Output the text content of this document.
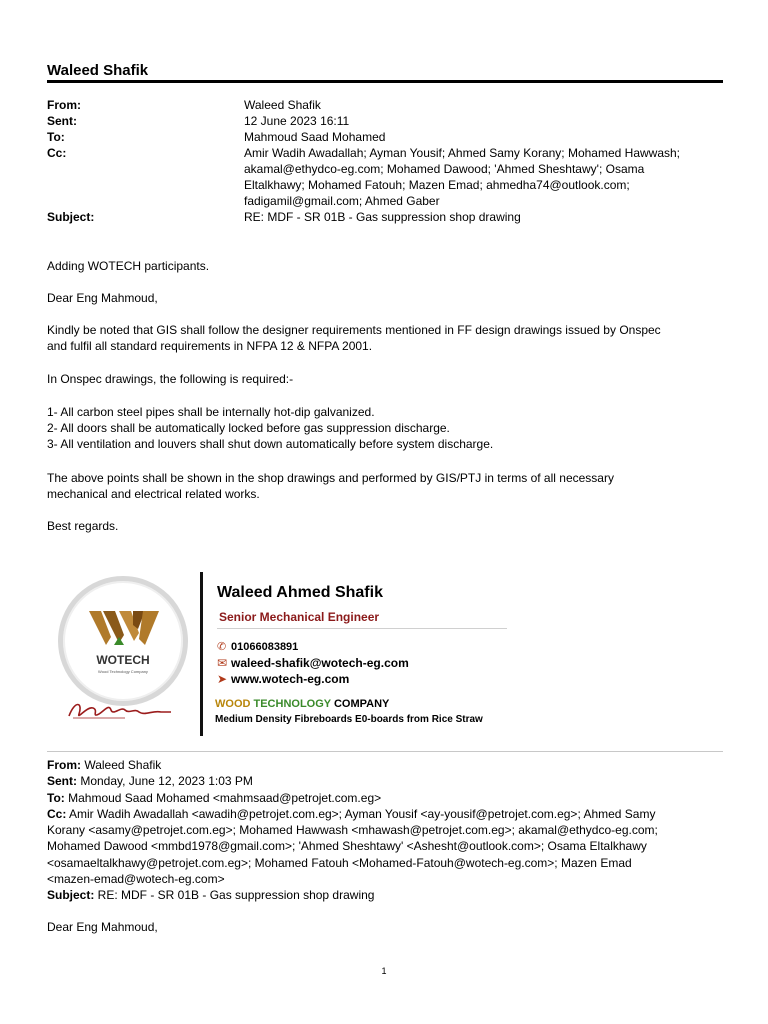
Waleed Shafik
From:	Waleed Shafik
Sent:	12 June 2023 16:11
To:	Mahmoud Saad Mohamed
Cc:	Amir Wadih Awadallah; Ayman Yousif; Ahmed Samy Korany; Mohamed Hawwash;
akamal@ethydco-eg.com; Mohamed Dawood; 'Ahmed Sheshtawy'; Osama
Eltalkhawy; Mohamed Fatouh; Mazen Emad; ahmedha74@outlook.com;
fadigamil@gmail.com; Ahmed Gaber
Subject:	RE: MDF - SR 01B - Gas suppression shop drawing
Adding WOTECH participants.
Dear Eng Mahmoud,
Kindly be noted that GIS shall follow the designer requirements mentioned in FF design drawings issued by Onspec
and fulfil all standard requirements in NFPA 12 & NFPA 2001.
In Onspec drawings, the following is required:-
1- All carbon steel pipes shall be internally hot-dip galvanized.
2- All doors shall be automatically locked before gas suppression discharge.
3- All ventilation and louvers shall shut down automatically before system discharge.
The above points shall be shown in the shop drawings and performed by GIS/PTJ in terms of all necessary
mechanical and electrical related works.
Best regards.
WOTECH
Wood Technology Company
Waleed Ahmed Shafik
Senior Mechanical Engineer
✆ 01066083891
✉ waleed-shafik@wotech-eg.com
➤ www.wotech-eg.com
WOOD TECHNOLOGY COMPANY
Medium Density Fibreboards E0-boards from Rice Straw
From: Waleed Shafik
Sent: Monday, June 12, 2023 1:03 PM
To: Mahmoud Saad Mohamed <mahmsaad@petrojet.com.eg>
Cc: Amir Wadih Awadallah <awadih@petrojet.com.eg>; Ayman Yousif <ay-yousif@petrojet.com.eg>; Ahmed Samy
Korany <asamy@petrojet.com.eg>; Mohamed Hawwash <mhawash@petrojet.com.eg>; akamal@ethydco-eg.com;
Mohamed Dawood <mmbd1978@gmail.com>; 'Ahmed Sheshtawy' <Ashesht@outlook.com>; Osama Eltalkhawy
<osamaeltalkhawy@petrojet.com.eg>; Mohamed Fatouh <Mohamed-Fatouh@wotech-eg.com>; Mazen Emad
<mazen-emad@wotech-eg.com>
Subject: RE: MDF - SR 01B - Gas suppression shop drawing
Dear Eng Mahmoud,
1
